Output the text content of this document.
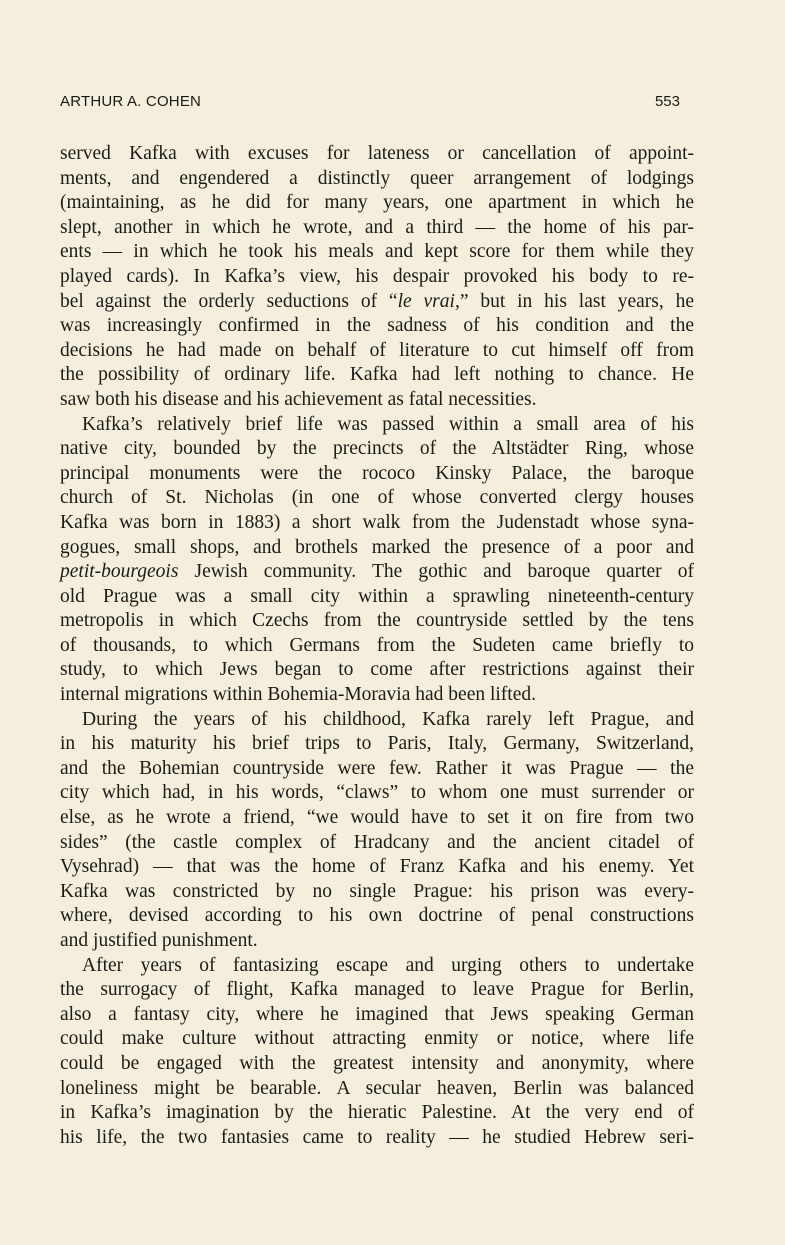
ARTHUR A. COHEN	553
served Kafka with excuses for lateness or cancellation of appoint-
ments, and engendered a distinctly queer arrangement of lodgings
(maintaining, as he did for many years, one apartment in which he
slept, another in which he wrote, and a third — the home of his par-
ents — in which he took his meals and kept score for them while they
played cards). In Kafka’s view, his despair provoked his body to re-
bel against the orderly seductions of “le vrai,” but in his last years, he
was increasingly confirmed in the sadness of his condition and the
decisions he had made on behalf of literature to cut himself off from
the possibility of ordinary life. Kafka had left nothing to chance. He
saw both his disease and his achievement as fatal necessities.
Kafka’s relatively brief life was passed within a small area of his
native city, bounded by the precincts of the Altstädter Ring, whose
principal monuments were the rococo Kinsky Palace, the baroque
church of St. Nicholas (in one of whose converted clergy houses
Kafka was born in 1883) a short walk from the Judenstadt whose syna-
gogues, small shops, and brothels marked the presence of a poor and
petit-bourgeois Jewish community. The gothic and baroque quarter of
old Prague was a small city within a sprawling nineteenth-century
metropolis in which Czechs from the countryside settled by the tens
of thousands, to which Germans from the Sudeten came briefly to
study, to which Jews began to come after restrictions against their
internal migrations within Bohemia-Moravia had been lifted.
During the years of his childhood, Kafka rarely left Prague, and
in his maturity his brief trips to Paris, Italy, Germany, Switzerland,
and the Bohemian countryside were few. Rather it was Prague — the
city which had, in his words, “claws” to whom one must surrender or
else, as he wrote a friend, “we would have to set it on fire from two
sides” (the castle complex of Hradcany and the ancient citadel of
Vysehrad) — that was the home of Franz Kafka and his enemy. Yet
Kafka was constricted by no single Prague: his prison was every-
where, devised according to his own doctrine of penal constructions
and justified punishment.
After years of fantasizing escape and urging others to undertake
the surrogacy of flight, Kafka managed to leave Prague for Berlin,
also a fantasy city, where he imagined that Jews speaking German
could make culture without attracting enmity or notice, where life
could be engaged with the greatest intensity and anonymity, where
loneliness might be bearable. A secular heaven, Berlin was balanced
in Kafka’s imagination by the hieratic Palestine. At the very end of
his life, the two fantasies came to reality — he studied Hebrew seri-
